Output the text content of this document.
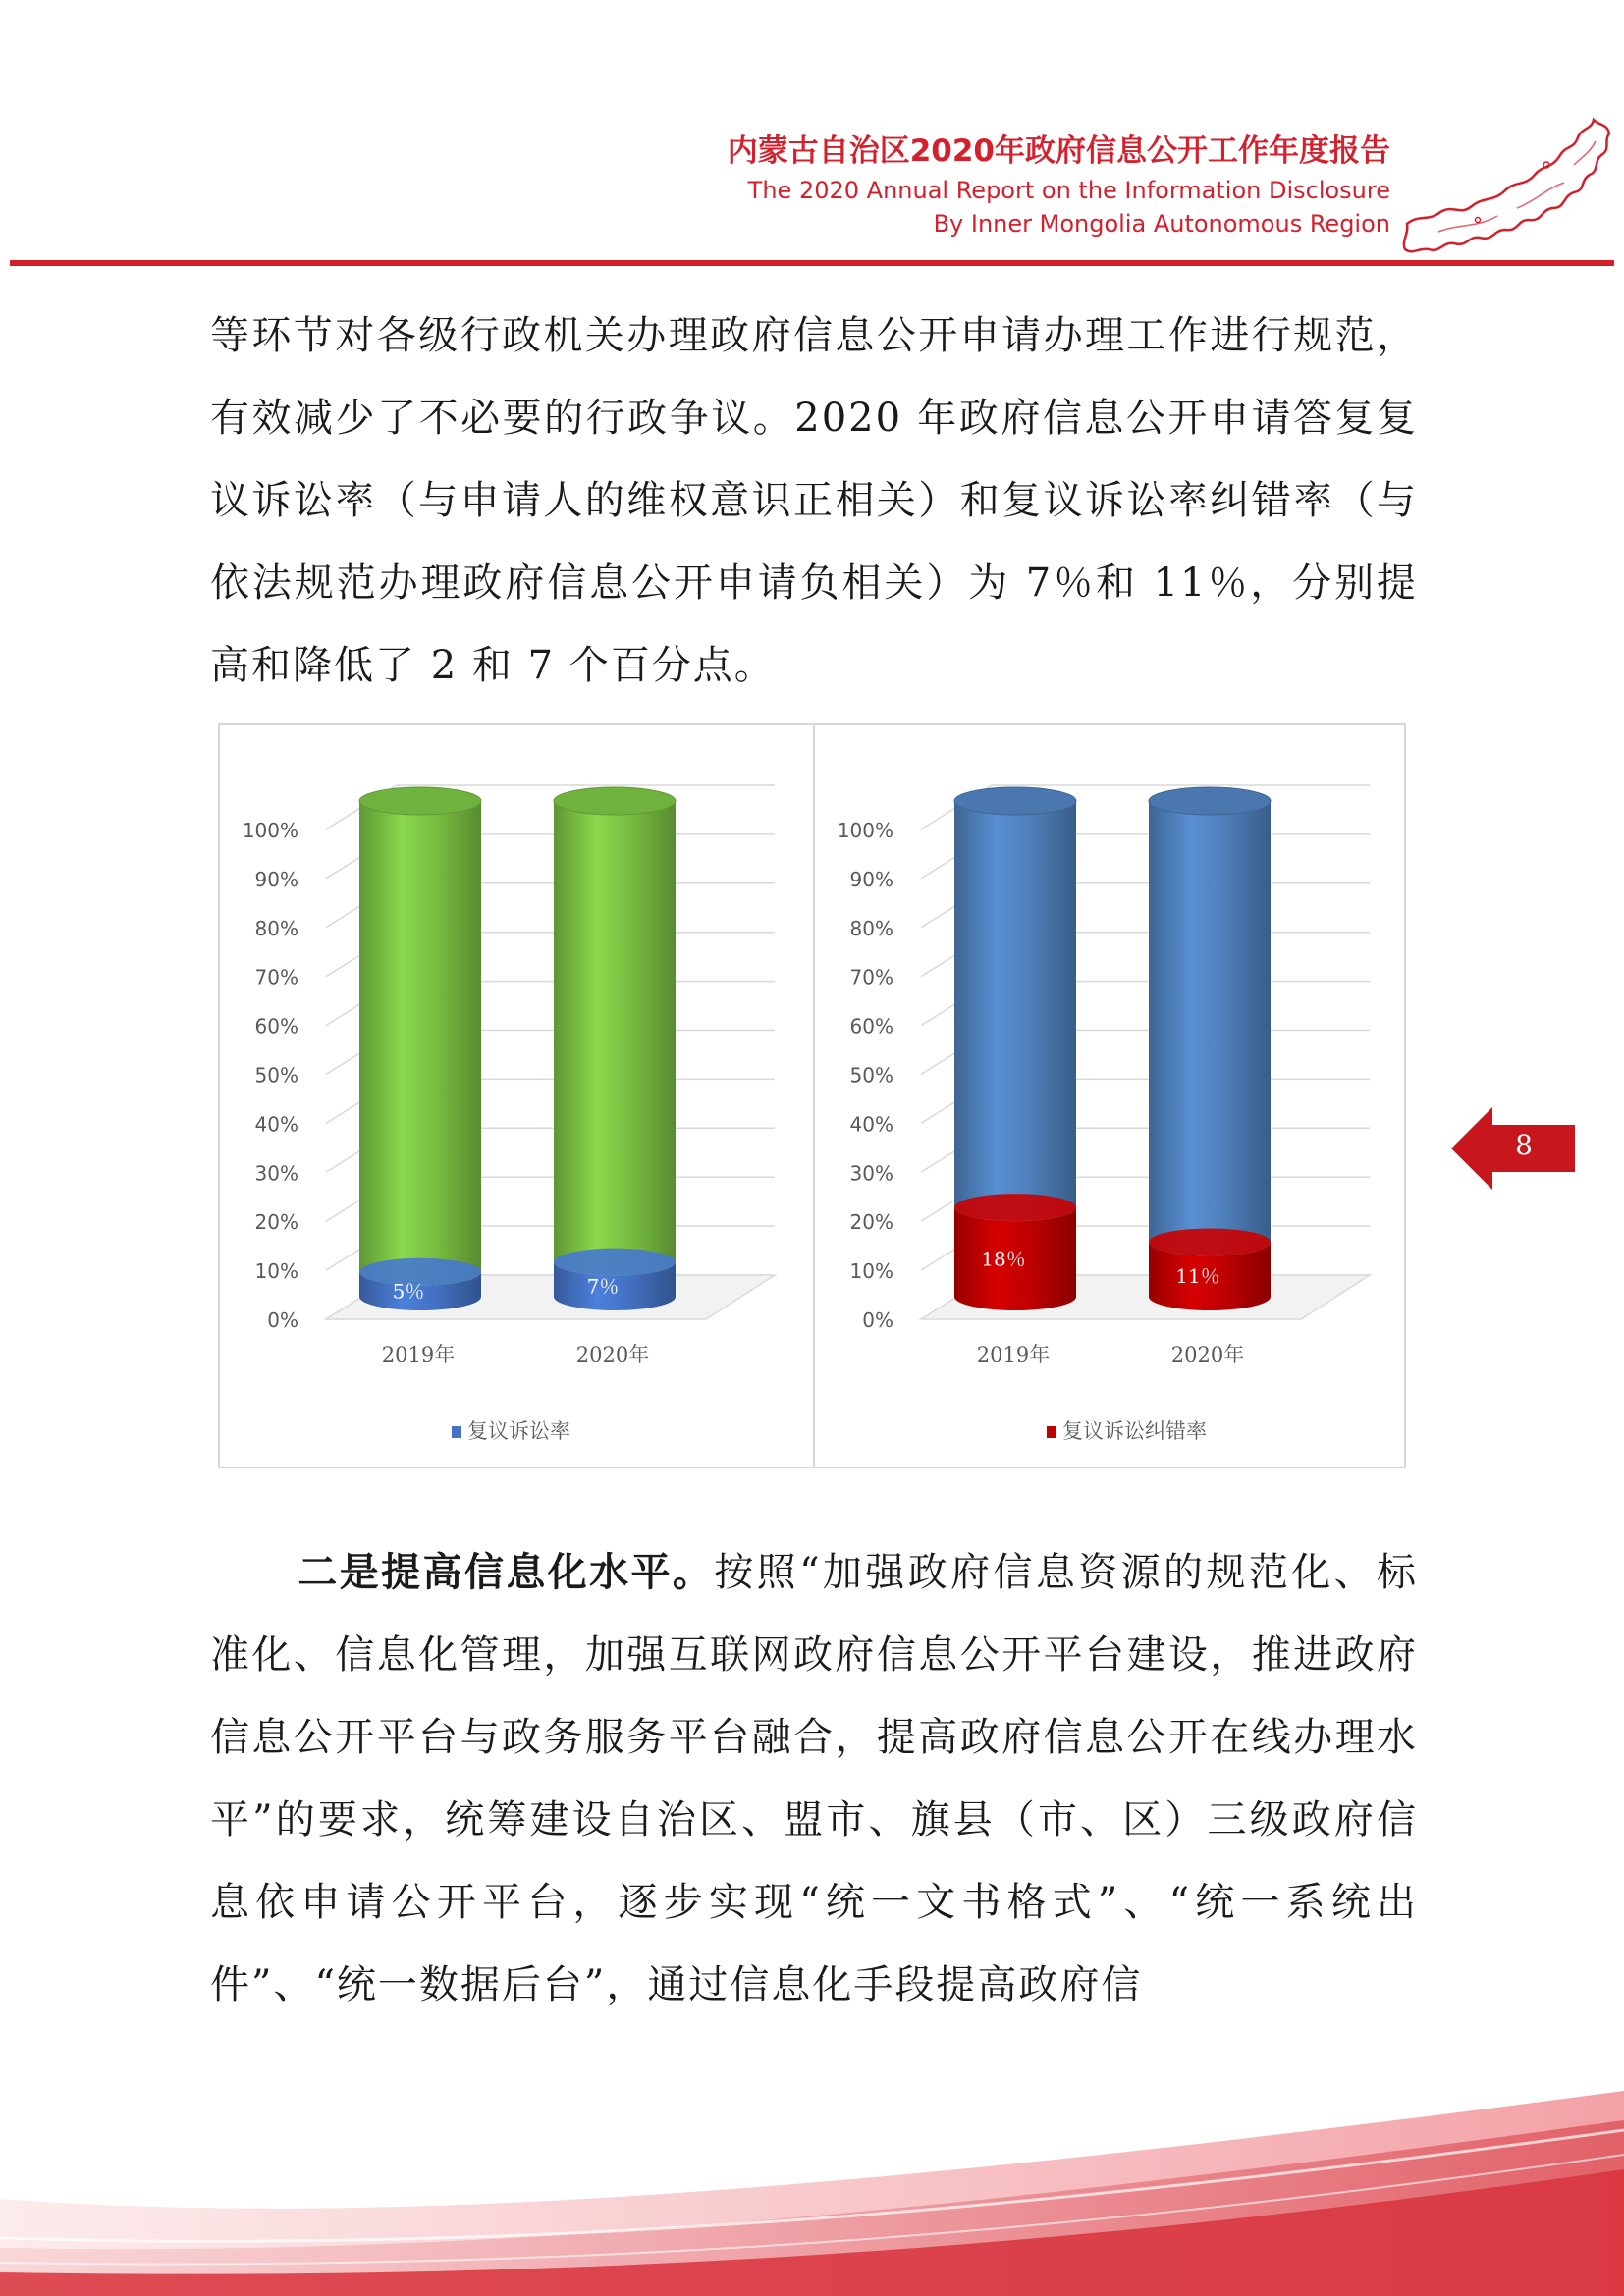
内蒙古自治区2020年政府信息公开工作年度报告
The 2020 Annual Report on the Information Disclosure
By Inner Mongolia Autonomous Region
等环节对各级行政机关办理政府信息公开申请办理工作进行规范，有效减少了不必要的行政争议。2020 年政府信息公开申请答复复议诉讼率（与申请人的维权意识正相关）和复议诉讼率纠错率（与依法规范办理政府信息公开申请负相关）为 7％和 11％，分别提高和降低了 2 和 7 个百分点。
0%
10%
20%
30%
40%
50%
60%
70%
80%
90%
100%
5％
2019年
7％
2020年
复议诉讼率
0%
10%
20%
30%
40%
50%
60%
70%
80%
90%
100%
18％
2019年
11％
2020年
复议诉讼纠错率
8
二是提高信息化水平。按照“加强政府信息资源的规范化、标准化、信息化管理，加强互联网政府信息公开平台建设，推进政府信息公开平台与政务服务平台融合，提高政府信息公开在线办理水平”的要求，统筹建设自治区、盟市、旗县（市、区）三级政府信息依申请公开平台，逐步实现“统一文书格式”、“统一系统出件”、“统一数据后台”，通过信息化手段提高政府信
